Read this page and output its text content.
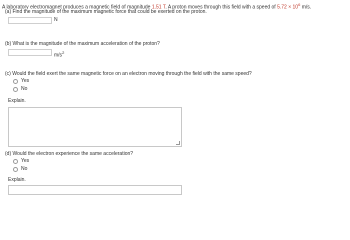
A laboratory electromagnet produces a magnetic field of magnitude 1.51 T. A proton moves through this field with a speed of $5.72 \times 10^6$ m/s.
(a) Find the magnitude of the maximum magnetic force that could be exerted on the proton.
N
(b) What is the magnitude of the maximum acceleration of the proton?
$m/s^2$
(c) Would the field exert the same magnetic force on an electron moving through the field with the same speed?
Yes
No
Explain.
(d) Would the electron experience the same acceleration?
Yes
No
Explain.
